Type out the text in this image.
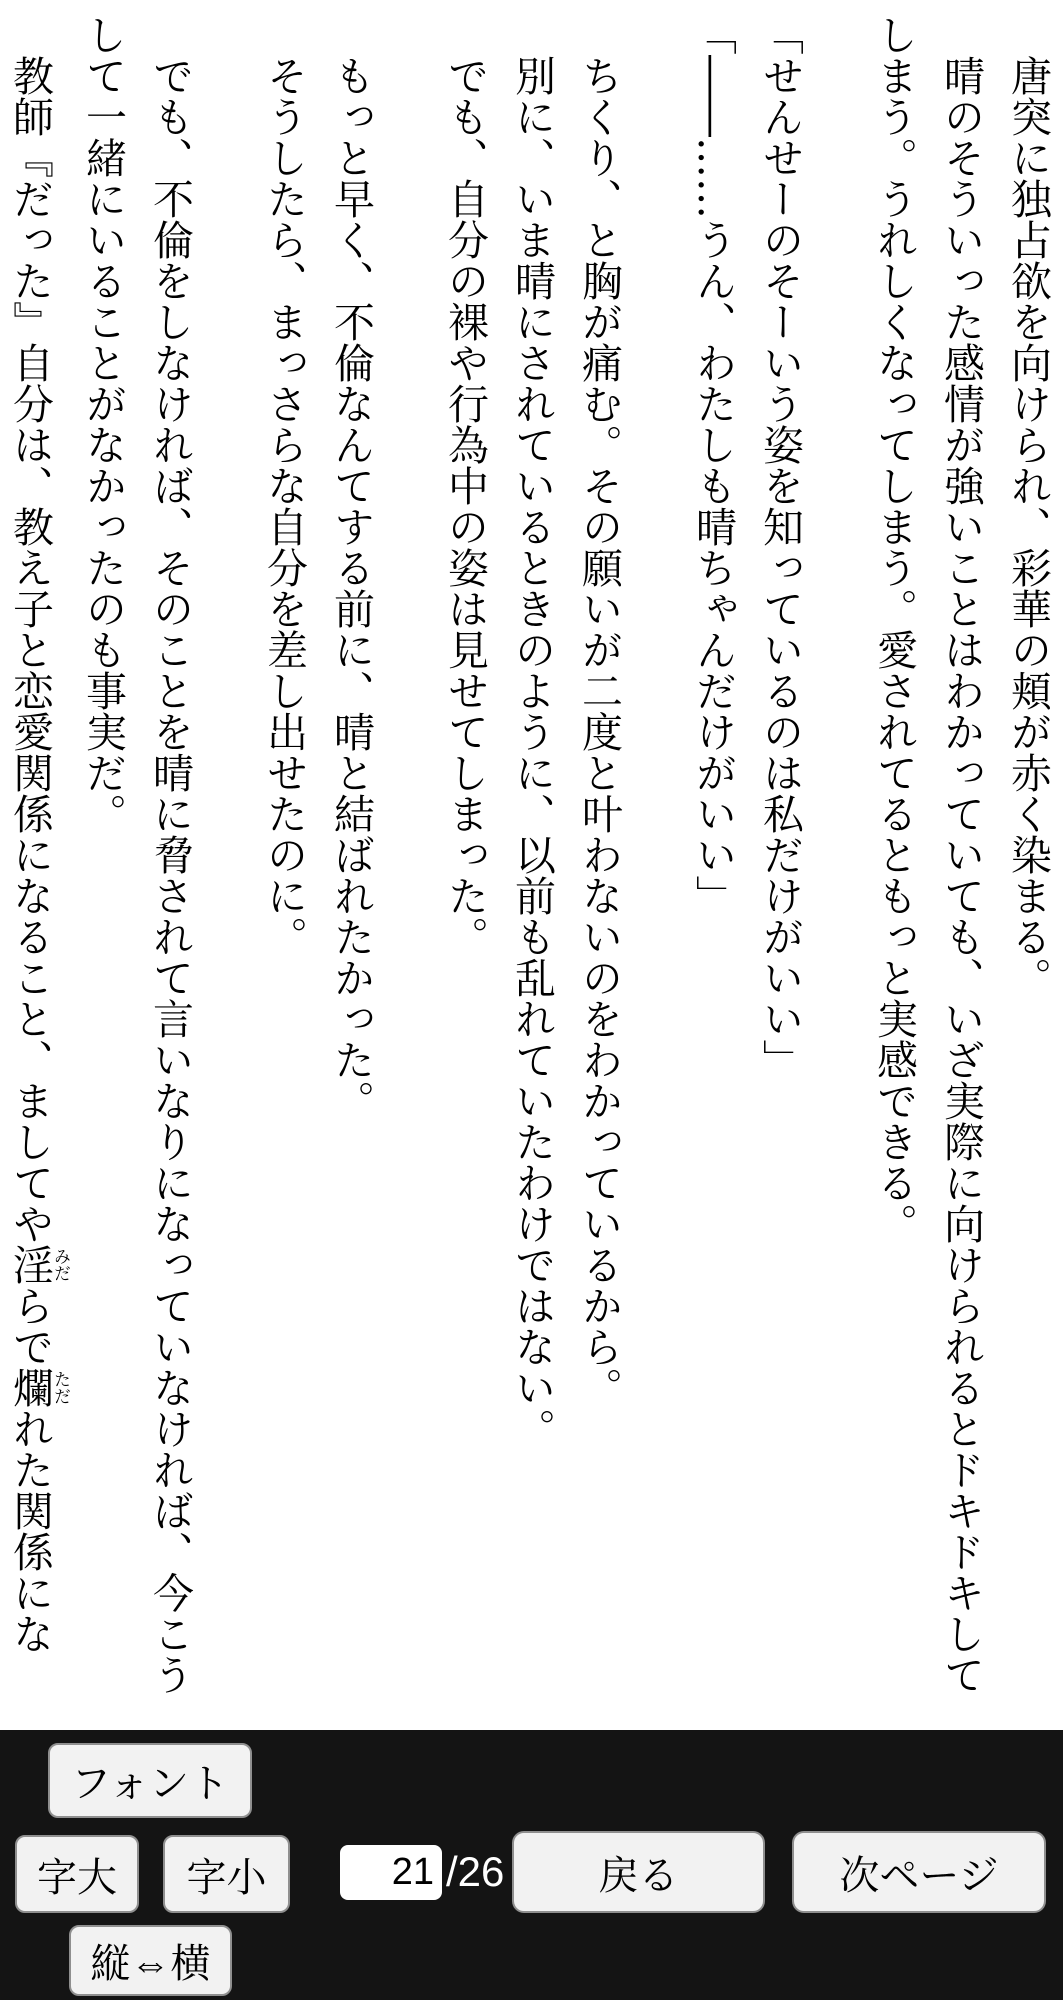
　唐突に独占欲を向けられ、彩華の頬が赤く染まる。

　晴のそういった感情が強いことはわかっていても、いざ実際に向けられるとドキドキしてしまう。うれしくなってしまう。愛されてるともっと実感できる。

「せんせーのそーいう姿を知っているのは私だけがいい」

「――……うん、わたしも晴ちゃんだけがいい」

　ちくり、と胸が痛む。その願いが二度と叶わないのをわかっているから。

　別に、いま晴にされているときのように、以前も乱れていたわけではない。

　でも、自分の裸や行為中の姿は見せてしまった。

　もっと早く、不倫なんてする前に、晴と結ばれたかった。

　そうしたら、まっさらな自分を差し出せたのに。

　でも、不倫をしなければ、そのことを晴に脅されて言いなりになっていなければ、今こうして一緒にいることがなかったのも事実だ。

　教師『だった』自分は、教え子と恋愛関係になること、ましてや淫みだらで爛ただれた関係にな

フォント
字大	字小
21	/26	戻る	次ページ
縦⇔横
